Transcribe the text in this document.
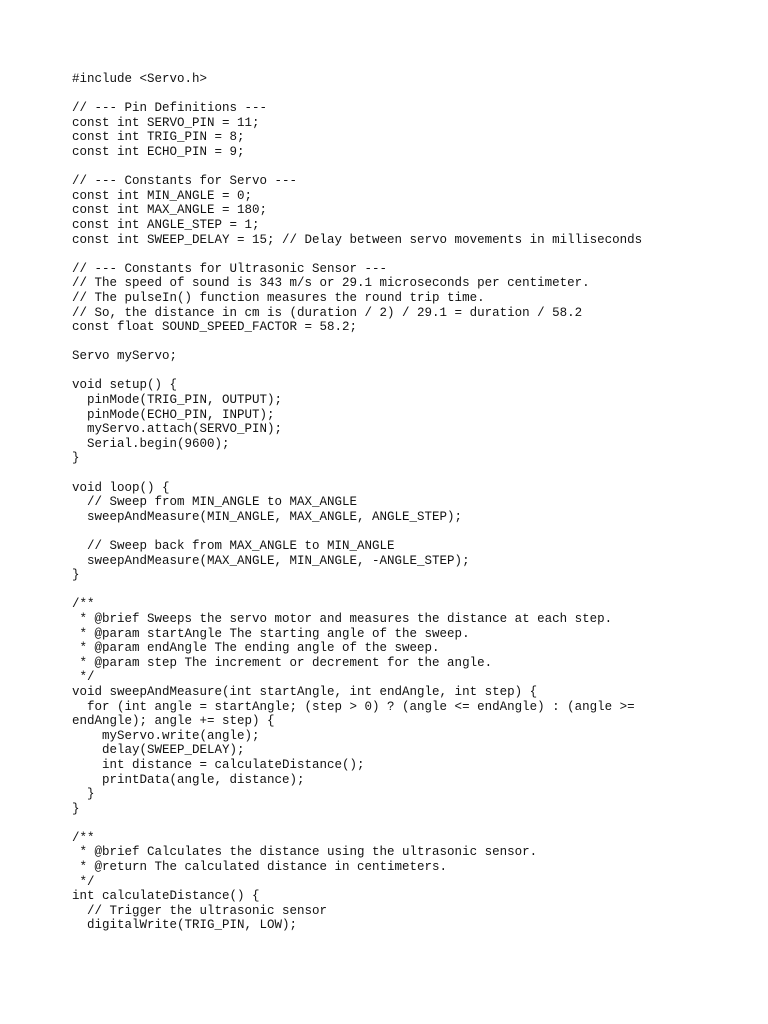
#include <Servo.h>
// --- Pin Definitions ---
const int SERVO_PIN = 11;
const int TRIG_PIN = 8;
const int ECHO_PIN = 9;
// --- Constants for Servo ---
const int MIN_ANGLE = 0;
const int MAX_ANGLE = 180;
const int ANGLE_STEP = 1;
const int SWEEP_DELAY = 15; // Delay between servo movements in milliseconds
// --- Constants for Ultrasonic Sensor ---
// The speed of sound is 343 m/s or 29.1 microseconds per centimeter.
// The pulseIn() function measures the round trip time.
// So, the distance in cm is (duration / 2) / 29.1 = duration / 58.2
const float SOUND_SPEED_FACTOR = 58.2;
Servo myServo;
void setup() {
pinMode(TRIG_PIN, OUTPUT);
pinMode(ECHO_PIN, INPUT);
myServo.attach(SERVO_PIN);
Serial.begin(9600);
}
void loop() {
// Sweep from MIN_ANGLE to MAX_ANGLE
sweepAndMeasure(MIN_ANGLE, MAX_ANGLE, ANGLE_STEP);
// Sweep back from MAX_ANGLE to MIN_ANGLE
sweepAndMeasure(MAX_ANGLE, MIN_ANGLE, -ANGLE_STEP);
}
/**
* @brief Sweeps the servo motor and measures the distance at each step.
* @param startAngle The starting angle of the sweep.
* @param endAngle The ending angle of the sweep.
* @param step The increment or decrement for the angle.
*/
void sweepAndMeasure(int startAngle, int endAngle, int step) {
for (int angle = startAngle; (step > 0) ? (angle <= endAngle) : (angle >=
endAngle); angle += step) {
myServo.write(angle);
delay(SWEEP_DELAY);
int distance = calculateDistance();
printData(angle, distance);
}
}
/**
* @brief Calculates the distance using the ultrasonic sensor.
* @return The calculated distance in centimeters.
*/
int calculateDistance() {
// Trigger the ultrasonic sensor
digitalWrite(TRIG_PIN, LOW);
